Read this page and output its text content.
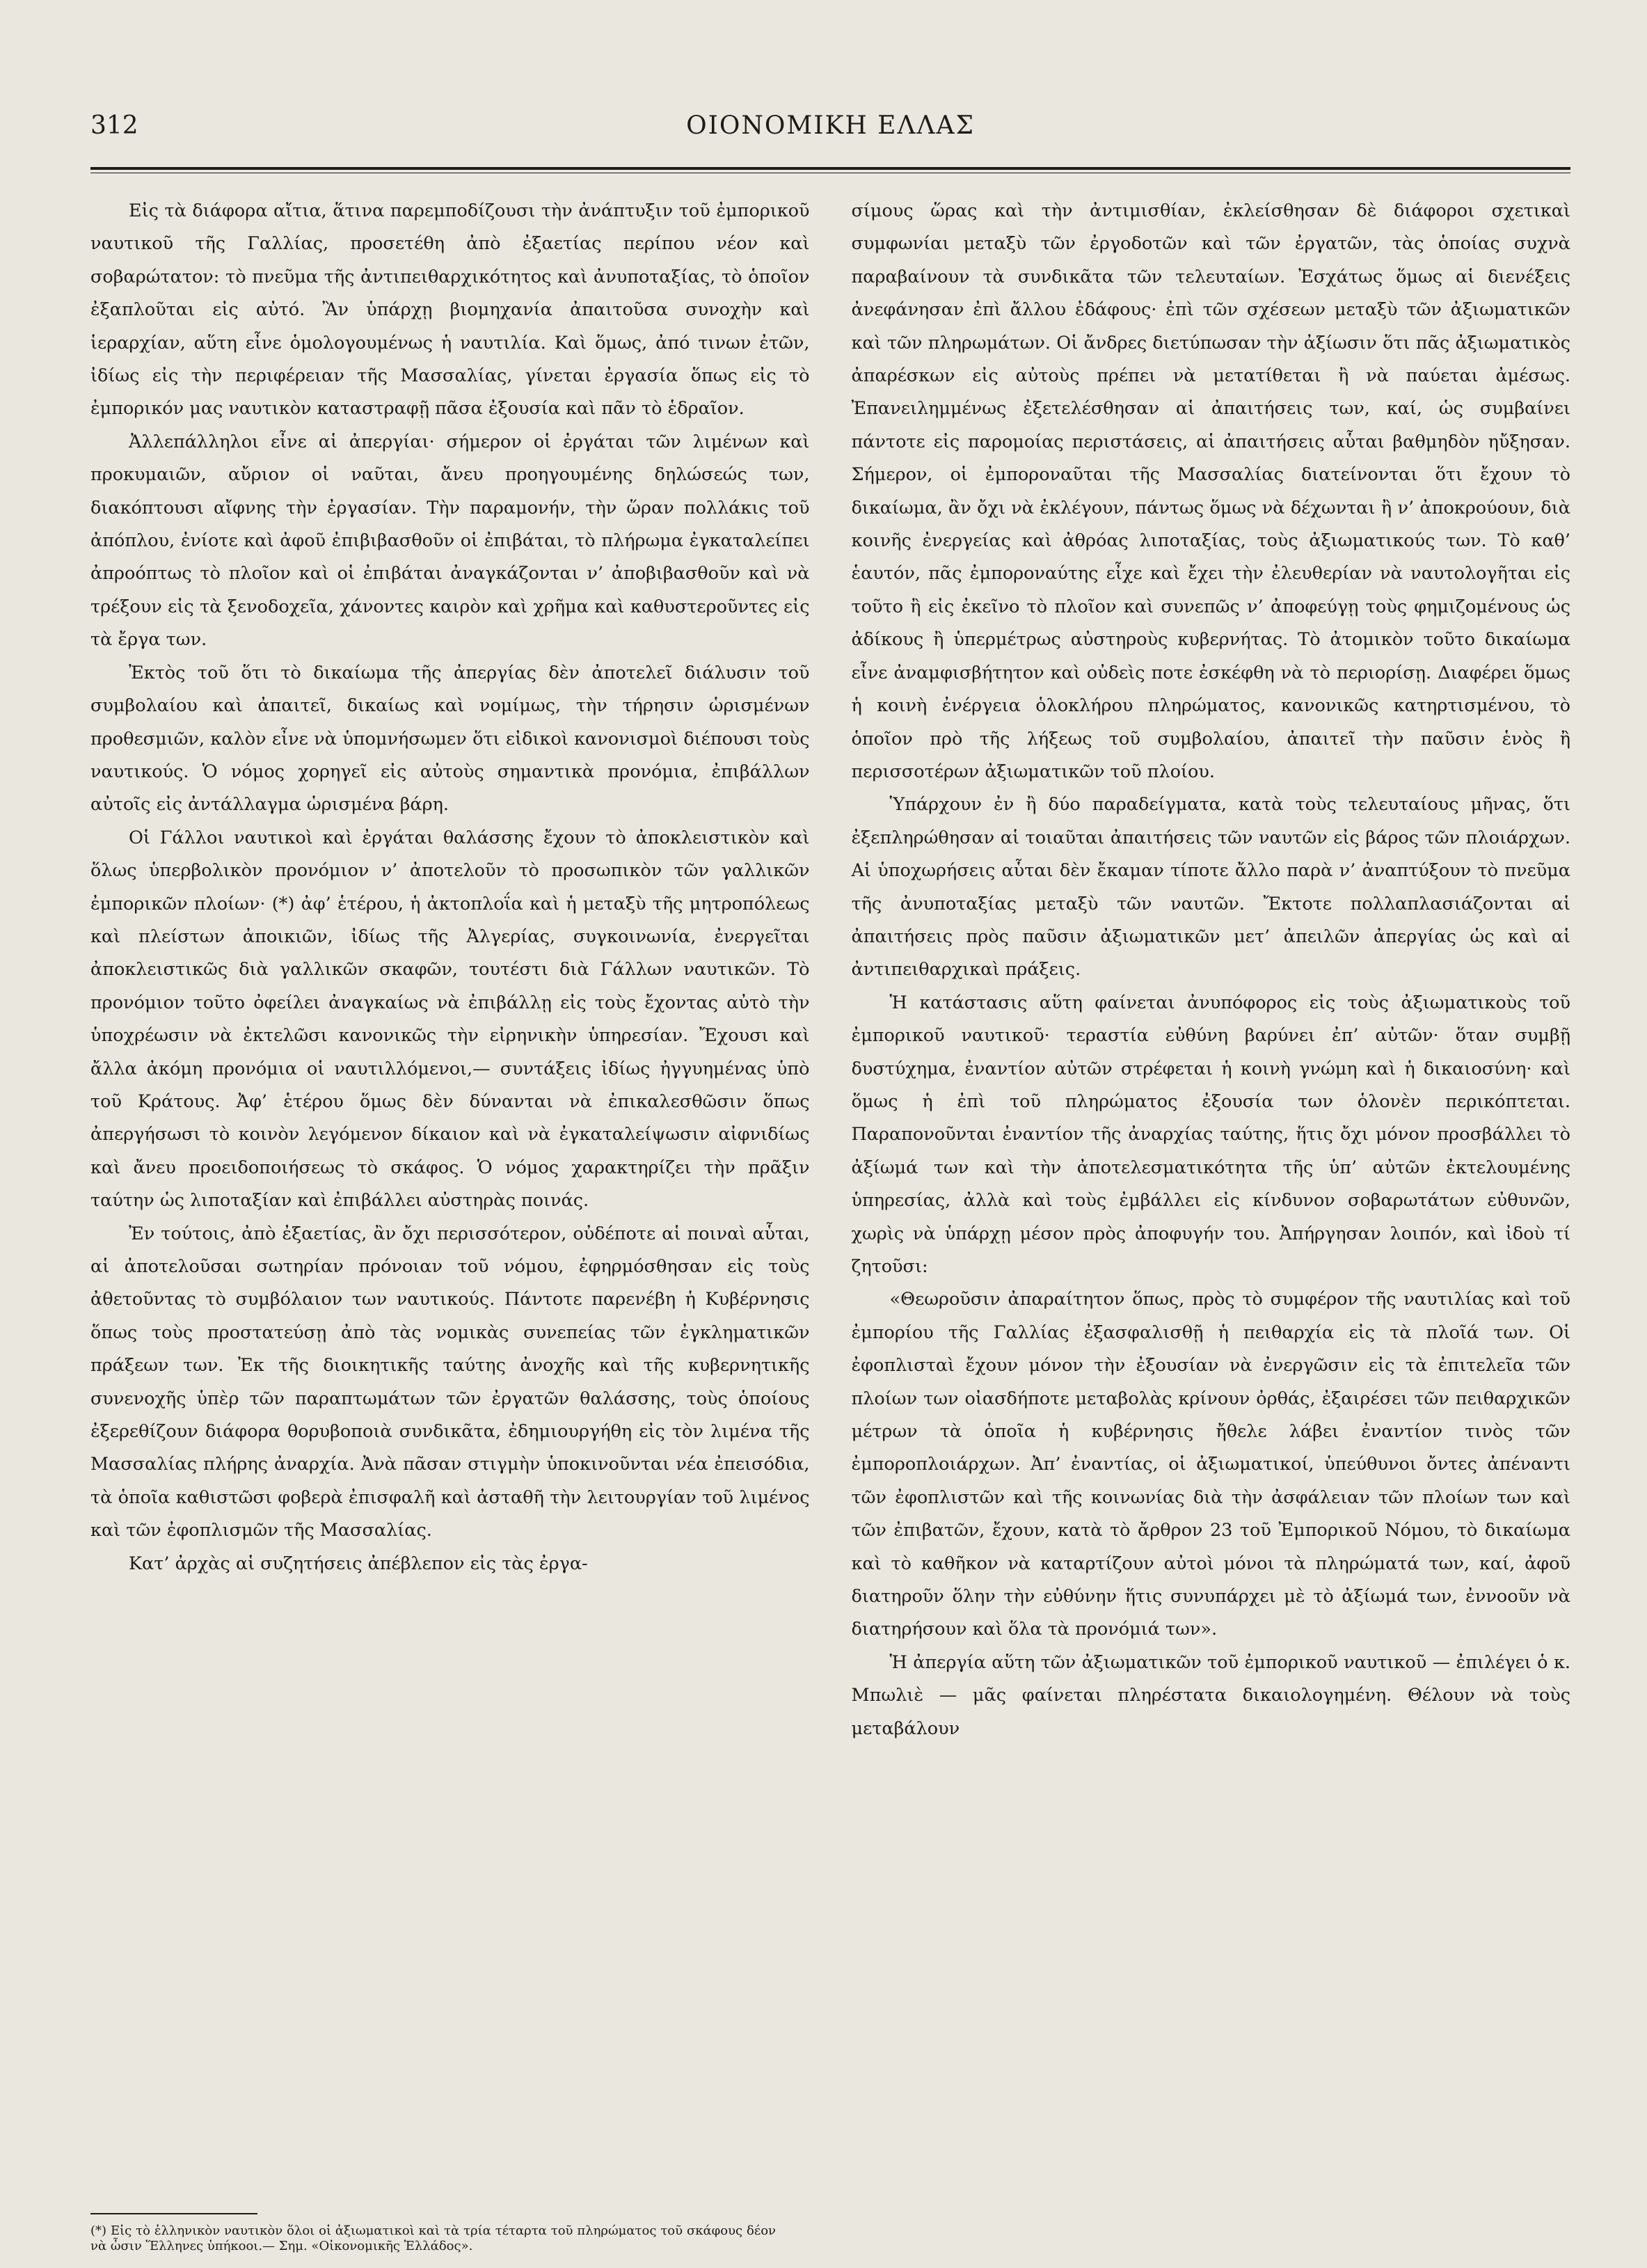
312	ΟΙΟΝΟΜΙΚΗ ΕΛΛΑΣ

Εἰς τὰ διάφορα αἴτια, ἅτινα παρεμποδίζουσι τὴν ἀνάπτυξιν τοῦ ἐμπορικοῦ ναυτικοῦ τῆς Γαλλίας, προσετέθη ἀπὸ ἐξαετίας περίπου νέον καὶ σοβαρώτατον: τὸ πνεῦμα τῆς ἀντιπειθαρχικότητος καὶ ἀνυποταξίας, τὸ ὁποῖον ἐξαπλοῦται εἰς αὐτό. Ἂν ὑπάρχῃ βιομηχανία ἀπαιτοῦσα συνοχὴν καὶ ἱεραρχίαν, αὕτη εἶνε ὁμολογουμένως ἡ ναυτιλία. Καὶ ὅμως, ἀπό τινων ἐτῶν, ἰδίως εἰς τὴν περιφέρειαν τῆς Μασσαλίας, γίνεται ἐργασία ὅπως εἰς τὸ ἐμπορικόν μας ναυτικὸν καταστραφῇ πᾶσα ἐξουσία καὶ πᾶν τὸ ἑδραῖον.

Ἀλλεπάλληλοι εἶνε αἱ ἀπεργίαι· σήμερον οἱ ἐργάται τῶν λιμένων καὶ προκυμαιῶν, αὔριον οἱ ναῦται, ἄνευ προηγουμένης δηλώσεώς των, διακόπτουσι αἴφνης τὴν ἐργασίαν. Τὴν παραμονήν, τὴν ὥραν πολλάκις τοῦ ἀπόπλου, ἐνίοτε καὶ ἀφοῦ ἐπιβιβασθοῦν οἱ ἐπιβάται, τὸ πλήρωμα ἐγκαταλείπει ἀπροόπτως τὸ πλοῖον καὶ οἱ ἐπιβάται ἀναγκάζονται ν’ ἀποβιβασθοῦν καὶ νὰ τρέξουν εἰς τὰ ξενοδοχεῖα, χάνοντες καιρὸν καὶ χρῆμα καὶ καθυστεροῦντες εἰς τὰ ἔργα των.

Ἐκτὸς τοῦ ὅτι τὸ δικαίωμα τῆς ἀπεργίας δὲν ἀποτελεῖ διάλυσιν τοῦ συμβολαίου καὶ ἀπαιτεῖ, δικαίως καὶ νομίμως, τὴν τήρησιν ὡρισμένων προθεσμιῶν, καλὸν εἶνε νὰ ὑπομνήσωμεν ὅτι εἰδικοὶ κανονισμοὶ διέπουσι τοὺς ναυτικούς. Ὁ νόμος χορηγεῖ εἰς αὐτοὺς σημαντικὰ προνόμια, ἐπιβάλλων αὐτοῖς εἰς ἀντάλλαγμα ὡρισμένα βάρη.

Οἱ Γάλλοι ναυτικοὶ καὶ ἐργάται θαλάσσης ἔχουν τὸ ἀποκλειστικὸν καὶ ὅλως ὑπερβολικὸν προνόμιον ν’ ἀποτελοῦν τὸ προσωπικὸν τῶν γαλλικῶν ἐμπορικῶν πλοίων· (*) ἀφ’ ἑτέρου, ἡ ἀκτοπλοΐα καὶ ἡ μεταξὺ τῆς μητροπόλεως καὶ πλείστων ἀποικιῶν, ἰδίως τῆς Ἀλγερίας, συγκοινωνία, ἐνεργεῖται ἀποκλειστικῶς διὰ γαλλικῶν σκαφῶν, τουτέστι διὰ Γάλλων ναυτικῶν. Τὸ προνόμιον τοῦτο ὀφείλει ἀναγκαίως νὰ ἐπιβάλλῃ εἰς τοὺς ἔχοντας αὐτὸ τὴν ὑποχρέωσιν νὰ ἐκτελῶσι κανονικῶς τὴν εἰρηνικὴν ὑπηρεσίαν. Ἔχουσι καὶ ἄλλα ἀκόμη προνόμια οἱ ναυτιλλόμενοι,— συντάξεις ἰδίως ἠγγυημένας ὑπὸ τοῦ Κράτους. Ἀφ’ ἑτέρου ὅμως δὲν δύνανται νὰ ἐπικαλεσθῶσιν ὅπως ἀπεργήσωσι τὸ κοινὸν λεγόμενον δίκαιον καὶ νὰ ἐγκαταλείψωσιν αἰφνιδίως καὶ ἄνευ προειδοποιήσεως τὸ σκάφος. Ὁ νόμος χαρακτηρίζει τὴν πρᾶξιν ταύτην ὡς λιποταξίαν καὶ ἐπιβάλλει αὐστηρὰς ποινάς.

Ἐν τούτοις, ἀπὸ ἐξαετίας, ἂν ὄχι περισσότερον, οὐδέποτε αἱ ποιναὶ αὗται, αἱ ἀποτελοῦσαι σωτηρίαν πρόνοιαν τοῦ νόμου, ἐφηρμόσθησαν εἰς τοὺς ἀθετοῦντας τὸ συμβόλαιον των ναυτικούς. Πάντοτε παρενέβη ἡ Κυβέρνησις ὅπως τοὺς προστατεύσῃ ἀπὸ τὰς νομικὰς συνεπείας τῶν ἐγκληματικῶν πράξεων των. Ἐκ τῆς διοικητικῆς ταύτης ἀνοχῆς καὶ τῆς κυβερνητικῆς συνενοχῆς ὑπὲρ τῶν παραπτωμάτων τῶν ἐργατῶν θαλάσσης, τοὺς ὁποίους ἐξερεθίζουν διάφορα θορυβοποιὰ συνδικᾶτα, ἐδημιουργήθη εἰς τὸν λιμένα τῆς Μασσαλίας πλήρης ἀναρχία. Ἀνὰ πᾶσαν στιγμὴν ὑποκινοῦνται νέα ἐπεισόδια, τὰ ὁποῖα καθιστῶσι φοβερὰ ἐπισφαλῆ καὶ ἀσταθῆ τὴν λειτουργίαν τοῦ λιμένος καὶ τῶν ἐφοπλισμῶν τῆς Μασσαλίας.

Κατ’ ἀρχὰς αἱ συζητήσεις ἀπέβλεπον εἰς τὰς ἐργα-

σίμους ὥρας καὶ τὴν ἀντιμισθίαν, ἐκλείσθησαν δὲ διάφοροι σχετικαὶ συμφωνίαι μεταξὺ τῶν ἐργοδοτῶν καὶ τῶν ἐργατῶν, τὰς ὁποίας συχνὰ παραβαίνουν τὰ συνδικᾶτα τῶν τελευταίων. Ἐσχάτως ὅμως αἱ διενέξεις ἀνεφάνησαν ἐπὶ ἄλλου ἐδάφους· ἐπὶ τῶν σχέσεων μεταξὺ τῶν ἀξιωματικῶν καὶ τῶν πληρωμάτων. Οἱ ἄνδρες διετύπωσαν τὴν ἀξίωσιν ὅτι πᾶς ἀξιωματικὸς ἀπαρέσκων εἰς αὐτοὺς πρέπει νὰ μετατίθεται ἢ νὰ παύεται ἀμέσως. Ἐπανειλημμένως ἐξετελέσθησαν αἱ ἀπαιτήσεις των, καί, ὡς συμβαίνει πάντοτε εἰς παρομοίας περιστάσεις, αἱ ἀπαιτήσεις αὗται βαθμηδὸν ηὔξησαν. Σήμερον, οἱ ἐμποροναῦται τῆς Μασσαλίας διατείνονται ὅτι ἔχουν τὸ δικαίωμα, ἂν ὄχι νὰ ἐκλέγουν, πάντως ὅμως νὰ δέχωνται ἢ ν’ ἀποκρούουν, διὰ κοινῆς ἐνεργείας καὶ ἀθρόας λιποταξίας, τοὺς ἀξιωματικούς των. Τὸ καθ’ ἑαυτόν, πᾶς ἐμποροναύτης εἶχε καὶ ἔχει τὴν ἐλευθερίαν νὰ ναυτολογῆται εἰς τοῦτο ἢ εἰς ἐκεῖνο τὸ πλοῖον καὶ συνεπῶς ν’ ἀποφεύγῃ τοὺς φημιζομένους ὡς ἀδίκους ἢ ὑπερμέτρως αὐστηροὺς κυβερνήτας. Τὸ ἀτομικὸν τοῦτο δικαίωμα εἶνε ἀναμφισβήτητον καὶ οὐδεὶς ποτε ἐσκέφθη νὰ τὸ περιορίσῃ. Διαφέρει ὅμως ἡ κοινὴ ἐνέργεια ὁλοκλήρου πληρώματος, κανονικῶς κατηρτισμένου, τὸ ὁποῖον πρὸ τῆς λήξεως τοῦ συμβολαίου, ἀπαιτεῖ τὴν παῦσιν ἑνὸς ἢ περισσοτέρων ἀξιωματικῶν τοῦ πλοίου.

Ὑπάρχουν ἐν ἢ δύο παραδείγματα, κατὰ τοὺς τελευταίους μῆνας, ὅτι ἐξεπληρώθησαν αἱ τοιαῦται ἀπαιτήσεις τῶν ναυτῶν εἰς βάρος τῶν πλοιάρχων. Αἱ ὑποχωρήσεις αὗται δὲν ἔκαμαν τίποτε ἄλλο παρὰ ν’ ἀναπτύξουν τὸ πνεῦμα τῆς ἀνυποταξίας μεταξὺ τῶν ναυτῶν. Ἔκτοτε πολλαπλασιάζονται αἱ ἀπαιτήσεις πρὸς παῦσιν ἀξιωματικῶν μετ’ ἀπειλῶν ἀπεργίας ὡς καὶ αἱ ἀντιπειθαρχικαὶ πράξεις.

Ἡ κατάστασις αὕτη φαίνεται ἀνυπόφορος εἰς τοὺς ἀξιωματικοὺς τοῦ ἐμπορικοῦ ναυτικοῦ· τεραστία εὐθύνη βαρύνει ἐπ’ αὐτῶν· ὅταν συμβῇ δυστύχημα, ἐναντίον αὐτῶν στρέφεται ἡ κοινὴ γνώμη καὶ ἡ δικαιοσύνη· καὶ ὅμως ἡ ἐπὶ τοῦ πληρώματος ἐξουσία των ὁλονὲν περικόπτεται. Παραπονοῦνται ἐναντίον τῆς ἀναρχίας ταύτης, ἥτις ὄχι μόνον προσβάλλει τὸ ἀξίωμά των καὶ τὴν ἀποτελεσματικότητα τῆς ὑπ’ αὐτῶν ἐκτελουμένης ὑπηρεσίας, ἀλλὰ καὶ τοὺς ἐμβάλλει εἰς κίνδυνον σοβαρωτάτων εὐθυνῶν, χωρὶς νὰ ὑπάρχῃ μέσον πρὸς ἀποφυγήν του. Ἀπήργησαν λοιπόν, καὶ ἰδοὺ τί ζητοῦσι:

«Θεωροῦσιν ἀπαραίτητον ὅπως, πρὸς τὸ συμφέρον τῆς ναυτιλίας καὶ τοῦ ἐμπορίου τῆς Γαλλίας ἐξασφαλισθῇ ἡ πειθαρχία εἰς τὰ πλοῖά των. Οἱ ἐφοπλισταὶ ἔχουν μόνον τὴν ἐξουσίαν νὰ ἐνεργῶσιν εἰς τὰ ἐπιτελεῖα τῶν πλοίων των οἰασδήποτε μεταβολὰς κρίνουν ὀρθάς, ἐξαιρέσει τῶν πειθαρχικῶν μέτρων τὰ ὁποῖα ἡ κυβέρνησις ἤθελε λάβει ἐναντίον τινὸς τῶν ἐμποροπλοιάρχων. Ἀπ’ ἐναντίας, οἱ ἀξιωματικοί, ὑπεύθυνοι ὄντες ἀπέναντι τῶν ἐφοπλιστῶν καὶ τῆς κοινωνίας διὰ τὴν ἀσφάλειαν τῶν πλοίων των καὶ τῶν ἐπιβατῶν, ἔχουν, κατὰ τὸ ἄρθρον 23 τοῦ Ἐμπορικοῦ Νόμου, τὸ δικαίωμα καὶ τὸ καθῆκον νὰ καταρτίζουν αὐτοὶ μόνοι τὰ πληρώματά των, καί, ἀφοῦ διατηροῦν ὅλην τὴν εὐθύνην ἥτις συνυπάρχει μὲ τὸ ἀξίωμά των, ἐννοοῦν νὰ διατηρήσουν καὶ ὅλα τὰ προνόμιά των».

Ἡ ἀπεργία αὕτη τῶν ἀξιωματικῶν τοῦ ἐμπορικοῦ ναυτικοῦ — ἐπιλέγει ὁ κ. Μπωλιὲ — μᾶς φαίνεται πληρέστατα δικαιολογημένη. Θέλουν νὰ τοὺς μεταβάλουν

(*) Εἰς τὸ ἑλληνικὸν ναυτικὸν ὅλοι οἱ ἀξιωματικοὶ καὶ τὰ τρία τέταρτα τοῦ πληρώματος τοῦ σκάφους δέον νὰ ὦσιν Ἕλληνες ὑπήκοοι.— Σημ. «Οἰκονομικῆς Ἑλλάδος».
